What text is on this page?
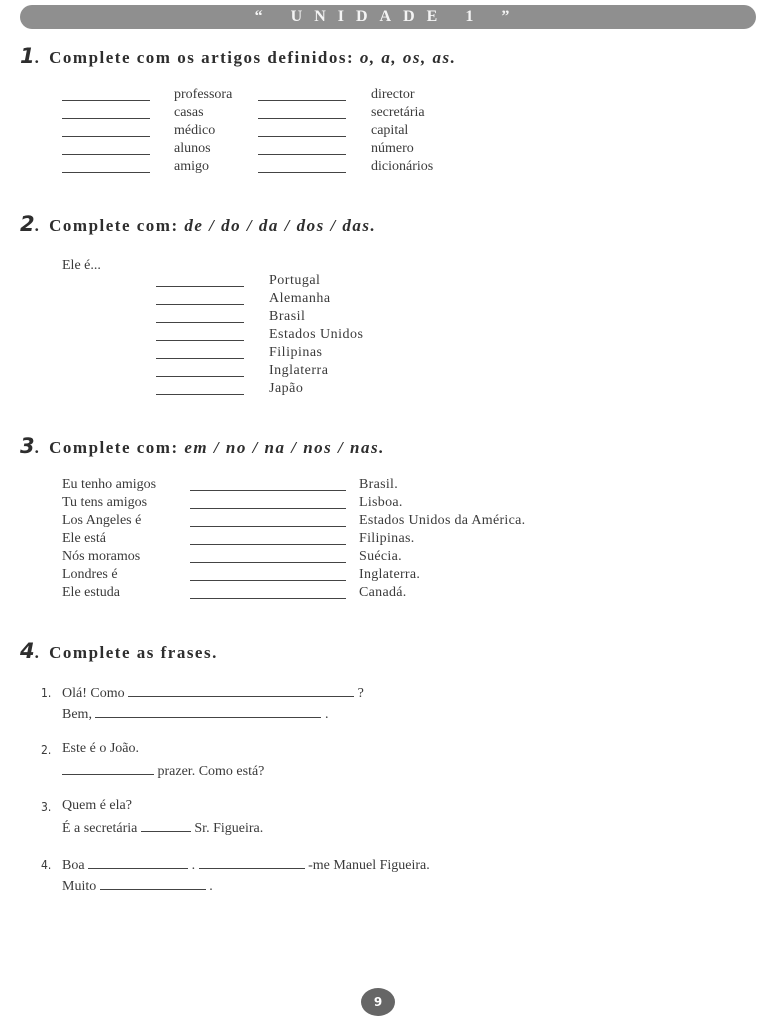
“ UNIDADE 1 ”
1. Complete com os artigos definidos: o, a, os, as.
professora	director
casas	secretária
médico	capital
alunos	número
amigo	dicionários
2. Complete com: de / do / da / dos / das.
Ele é...
Portugal
Alemanha
Brasil
Estados Unidos
Filipinas
Inglaterra
Japão
3. Complete com: em / no / na / nos / nas.
Eu tenho amigos	Brasil.
Tu tens amigos	Lisboa.
Los Angeles é	Estados Unidos da América.
Ele está	Filipinas.
Nós moramos	Suécia.
Londres é	Inglaterra.
Ele estuda	Canadá.
4. Complete as frases.
1. Olá! Como	?
Bem,	.
2. Este é o João.
prazer. Como está?
3. Quem é ela?
É a secretária	Sr. Figueira.
4. Boa	.	-me Manuel Figueira.
Muito	.
9
